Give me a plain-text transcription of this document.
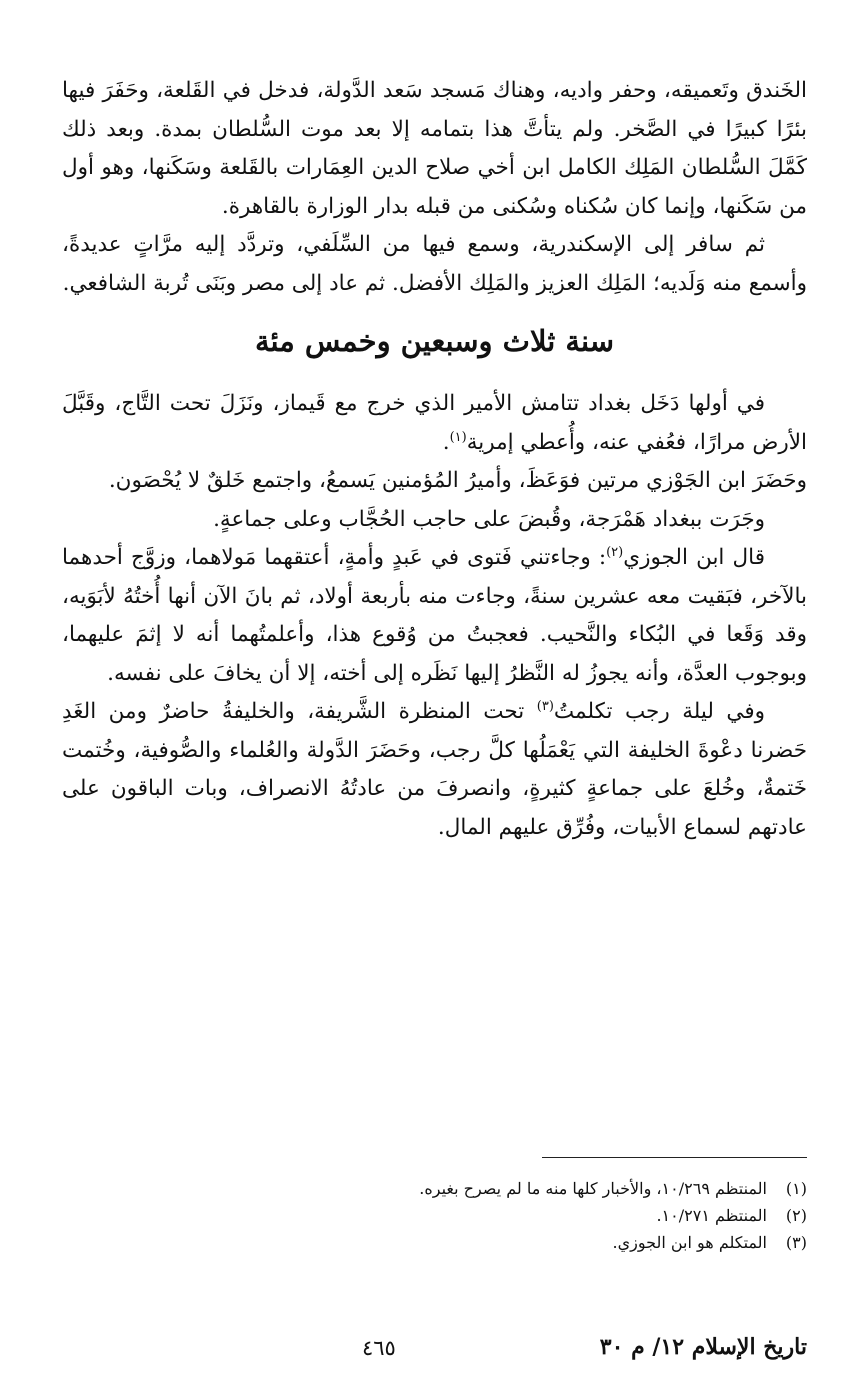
الخَندق وتَعميقه، وحفر واديه، وهناك مَسجد سَعد الدَّولة، فدخل في القَلعة، وحَفَرَ فيها بئرًا كبيرًا في الصَّخر. ولم يتأتَّ هذا بتمامه إلا بعد موت السُّلطان بمدة. وبعد ذلك كَمَّلَ السُّلطان المَلِك الكامل ابن أخي صلاح الدين العِمَارات بالقَلعة وسَكَنها، وهو أول من سَكَنها، وإنما كان سُكناه وسُكنى من قبله بدار الوزارة بالقاهرة.

ثم سافر إلى الإسكندرية، وسمع فيها من السِّلَفي، وتردَّد إليه مرَّاتٍ عديدةً، وأسمع منه وَلَديه؛ المَلِك العزيز والمَلِك الأفضل. ثم عاد إلى مصر وبَنَى تُربة الشافعي.

سنة ثلاث وسبعين وخمس مئة

في أولها دَخَل بغداد تتامش الأمير الذي خرج مع قَيماز، ونَزَلَ تحت التَّاج، وقَبَّلَ الأرض مرارًا، فعُفي عنه، وأُعطي إمرية$^{(١)}$.

وحَضَرَ ابن الجَوْزي مرتين فوَعَظَ، وأميرُ المُؤمنين يَسمعُ، واجتمع خَلقٌ لا يُحْصَون.

وجَرَت ببغداد هَمْرَجة، وقُبضَ على حاجب الحُجَّاب وعلى جماعةٍ.

قال ابن الجوزي$^{(٢)}$: وجاءتني فَتوى في عَبدٍ وأمةٍ، أعتقهما مَولاهما، وزوَّج أحدهما بالآخر، فبَقيت معه عشرين سنةً، وجاءت منه بأربعة أولاد، ثم بانَ الآن أنها أُختُهُ لأبَوَيه، وقد وَقَعا في البُكاء والنَّحيب. فعجبتُ من وُقوع هذا، وأعلمتُهما أنه لا إثمَ عليهما، وبوجوب العدَّة، وأنه يجوزُ له النَّظرُ إليها نَظَره إلى أخته، إلا أن يخافَ على نفسه.

وفي ليلة رجب تكلمتُ$^{(٣)}$ تحت المنظرة الشَّريفة، والخليفةُ حاضرٌ ومن الغَدِ حَضرنا دعْوةَ الخليفة التي يَعْمَلُها كلَّ رجب، وحَضَرَ الدَّولة والعُلماء والصُّوفية، وخُتمت خَتمةٌ، وخُلعَ على جماعةٍ كثيرةٍ، وانصرفَ من عادتُهُ الانصراف، وبات الباقون على عادتهم لسماع الأبيات، وفُرِّق عليهم المال.

(١)المنتظم ١٠/٢٦٩، والأخبار كلها منه ما لم يصرح بغيره.

(٢)المنتظم ١٠/٢٧١.

(٣)المتكلم هو ابن الجوزي.

تاريخ الإسلام ١٢/ م ٣٠
٤٦٥
